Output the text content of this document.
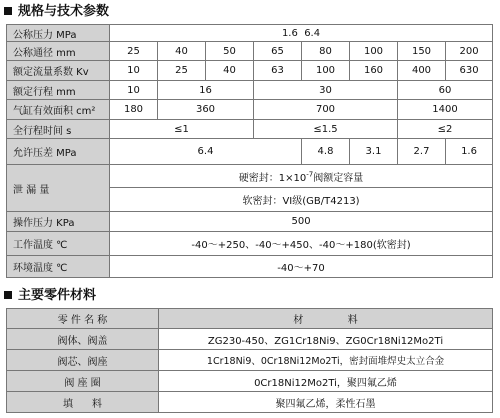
规格与技术参数
公称压力 MPa	1.6  6.4							
公称通径 mm	25	40	50	65	80	100	150	200
额定流量系数 Kv	10	25	40	63	100	160	400	630
额定行程 mm	10	16		30			60	
气缸有效面积 cm²	180	360		700			1400	
全行程时间 s	≤1			≤1.5			≤2	
允许压差 MPa	6.4				4.8	3.1	2.7	1.6
泄 漏 量	硬密封：$1\times 10^{-7}$阀额定容量							
	软密封：VI级(GB/T4213)							
操作压力 KPa	500							
工作温度 ℃	-40～+250、-40～+450、-40～+180(软密封)							
环境温度 ℃	-40～+70							
主要零件材料
零 件 名 称	材              料
阀体、阀盖	ZG230-450、ZG1Cr18Ni9、ZG0Cr18Ni12Mo2Ti
阀芯、阀座	1Cr18Ni9、0Cr18Ni12Mo2Ti，密封面堆焊史太立合金
阀 座 圈	0Cr18Ni12Mo2Ti，聚四氟乙烯
填      料	聚四氟乙烯，柔性石墨
